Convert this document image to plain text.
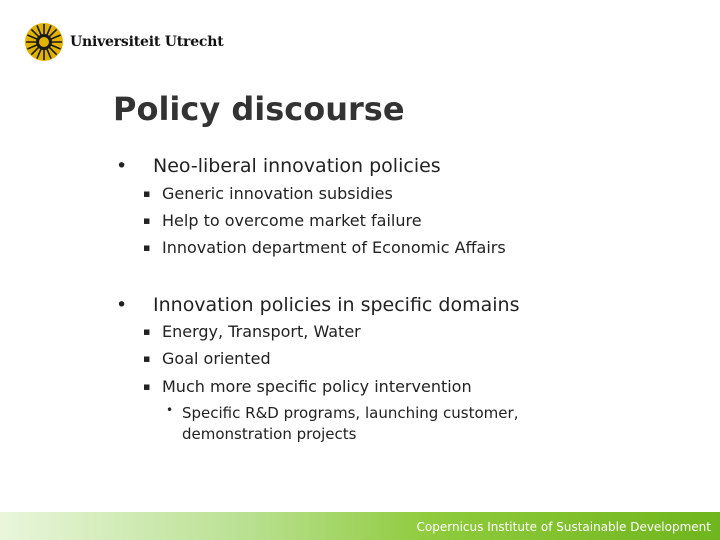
Universiteit Utrecht
Policy discourse
• Neo-liberal innovation policies
▪ Generic innovation subsidies
▪ Help to overcome market failure
▪ Innovation department of Economic Affairs
• Innovation policies in specific domains
▪ Energy, Transport, Water
▪ Goal oriented
▪ Much more specific policy intervention
• Specific R&D programs, launching customer, demonstration projects
Copernicus Institute of Sustainable Development
